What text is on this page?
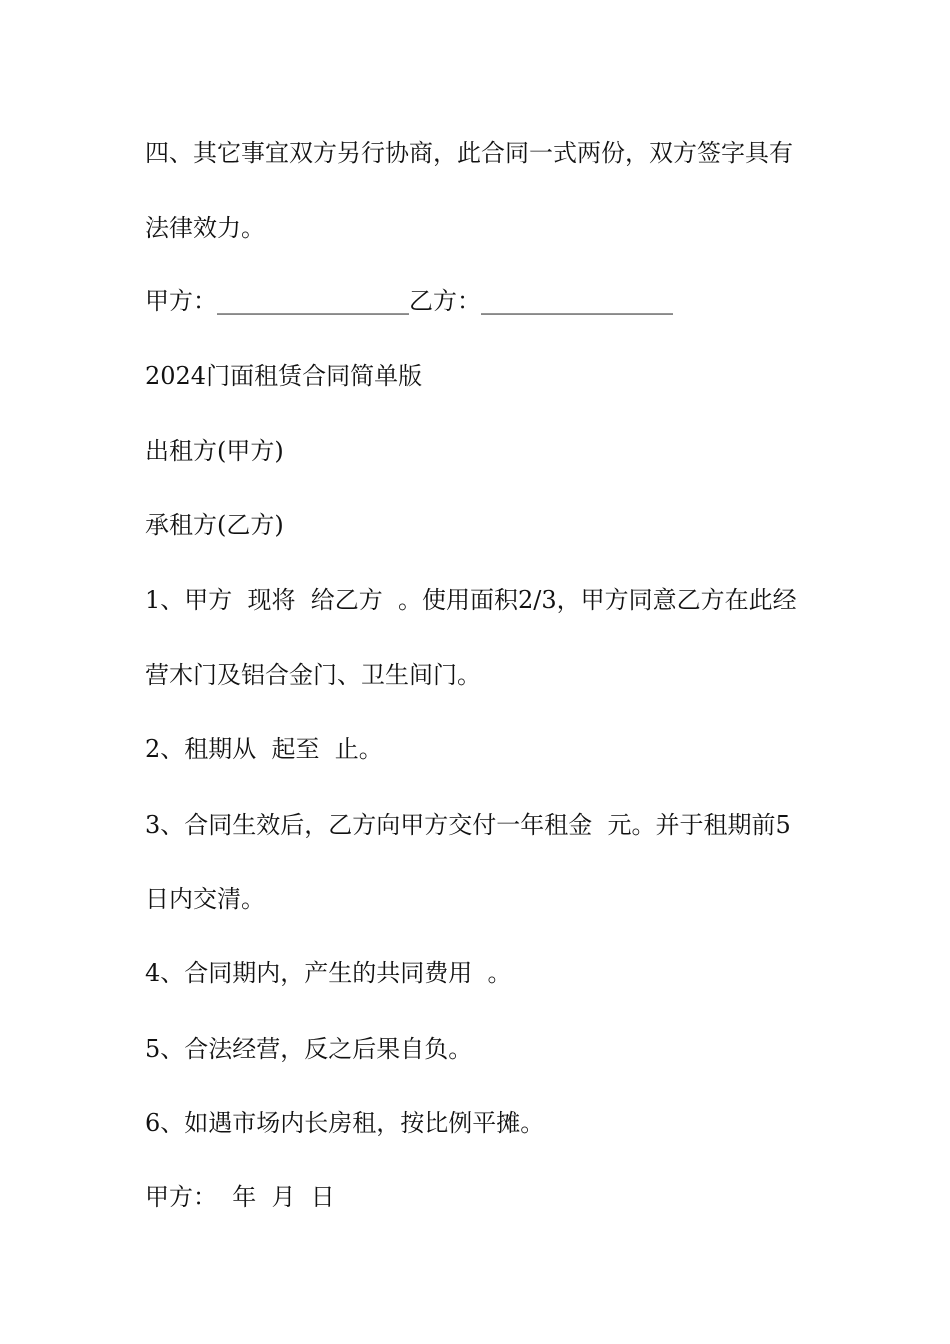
四、其它事宜双方另行协商，此合同一式两份，双方签字具有
法律效力。
甲方：________________乙方：________________
2024门面租赁合同简单版
出租方(甲方)
承租方(乙方)
1、甲方  现将  给乙方  。使用面积2/3，甲方同意乙方在此经
营木门及铝合金门、卫生间门。
2、租期从  起至  止。
3、合同生效后，乙方向甲方交付一年租金  元。并于租期前5
日内交清。
4、合同期内，产生的共同费用  。
5、合法经营，反之后果自负。
6、如遇市场内长房租，按比例平摊。
甲方：  年  月  日
